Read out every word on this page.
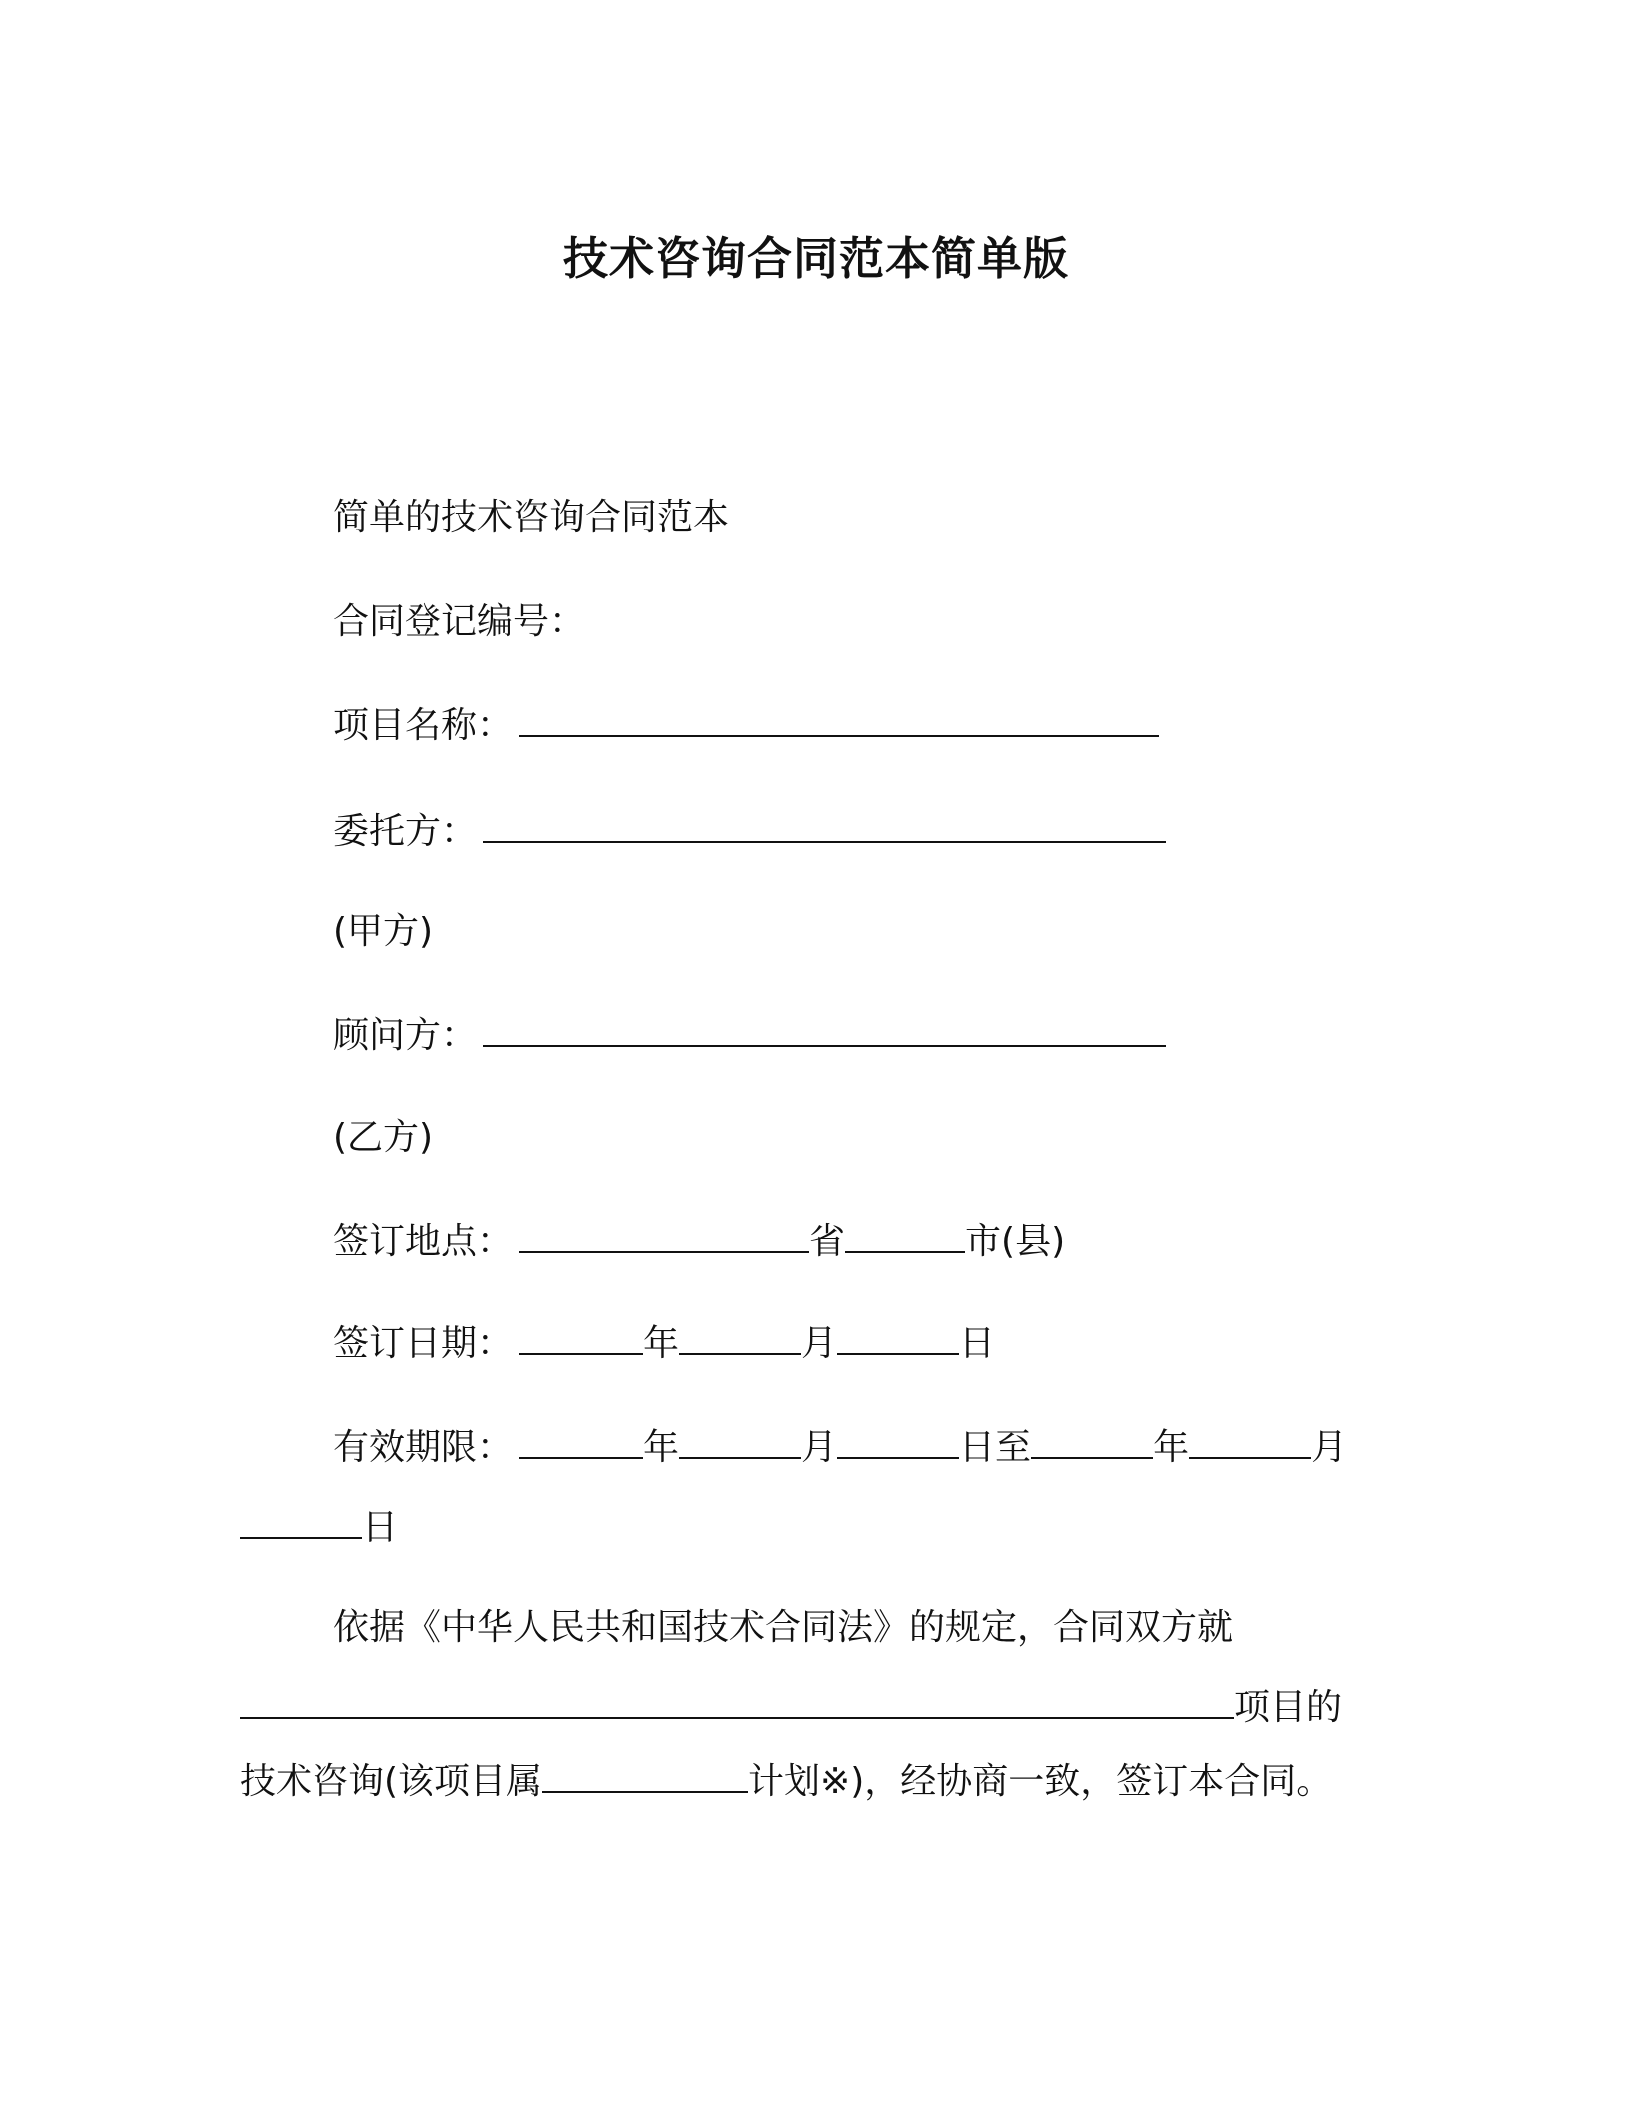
技术咨询合同范本简单版
简单的技术咨询合同范本
合同登记编号：
项目名称：
委托方：
(甲方)
顾问方：
(乙方)
签订地点：	省	市(县)
签订日期：	年	月	日
有效期限：	年	月	日至	年	月
日
依据《中华人民共和国技术合同法》的规定，合同双方就
项目的
技术咨询(该项目属	计划※)，经协商一致，签订本合同。
